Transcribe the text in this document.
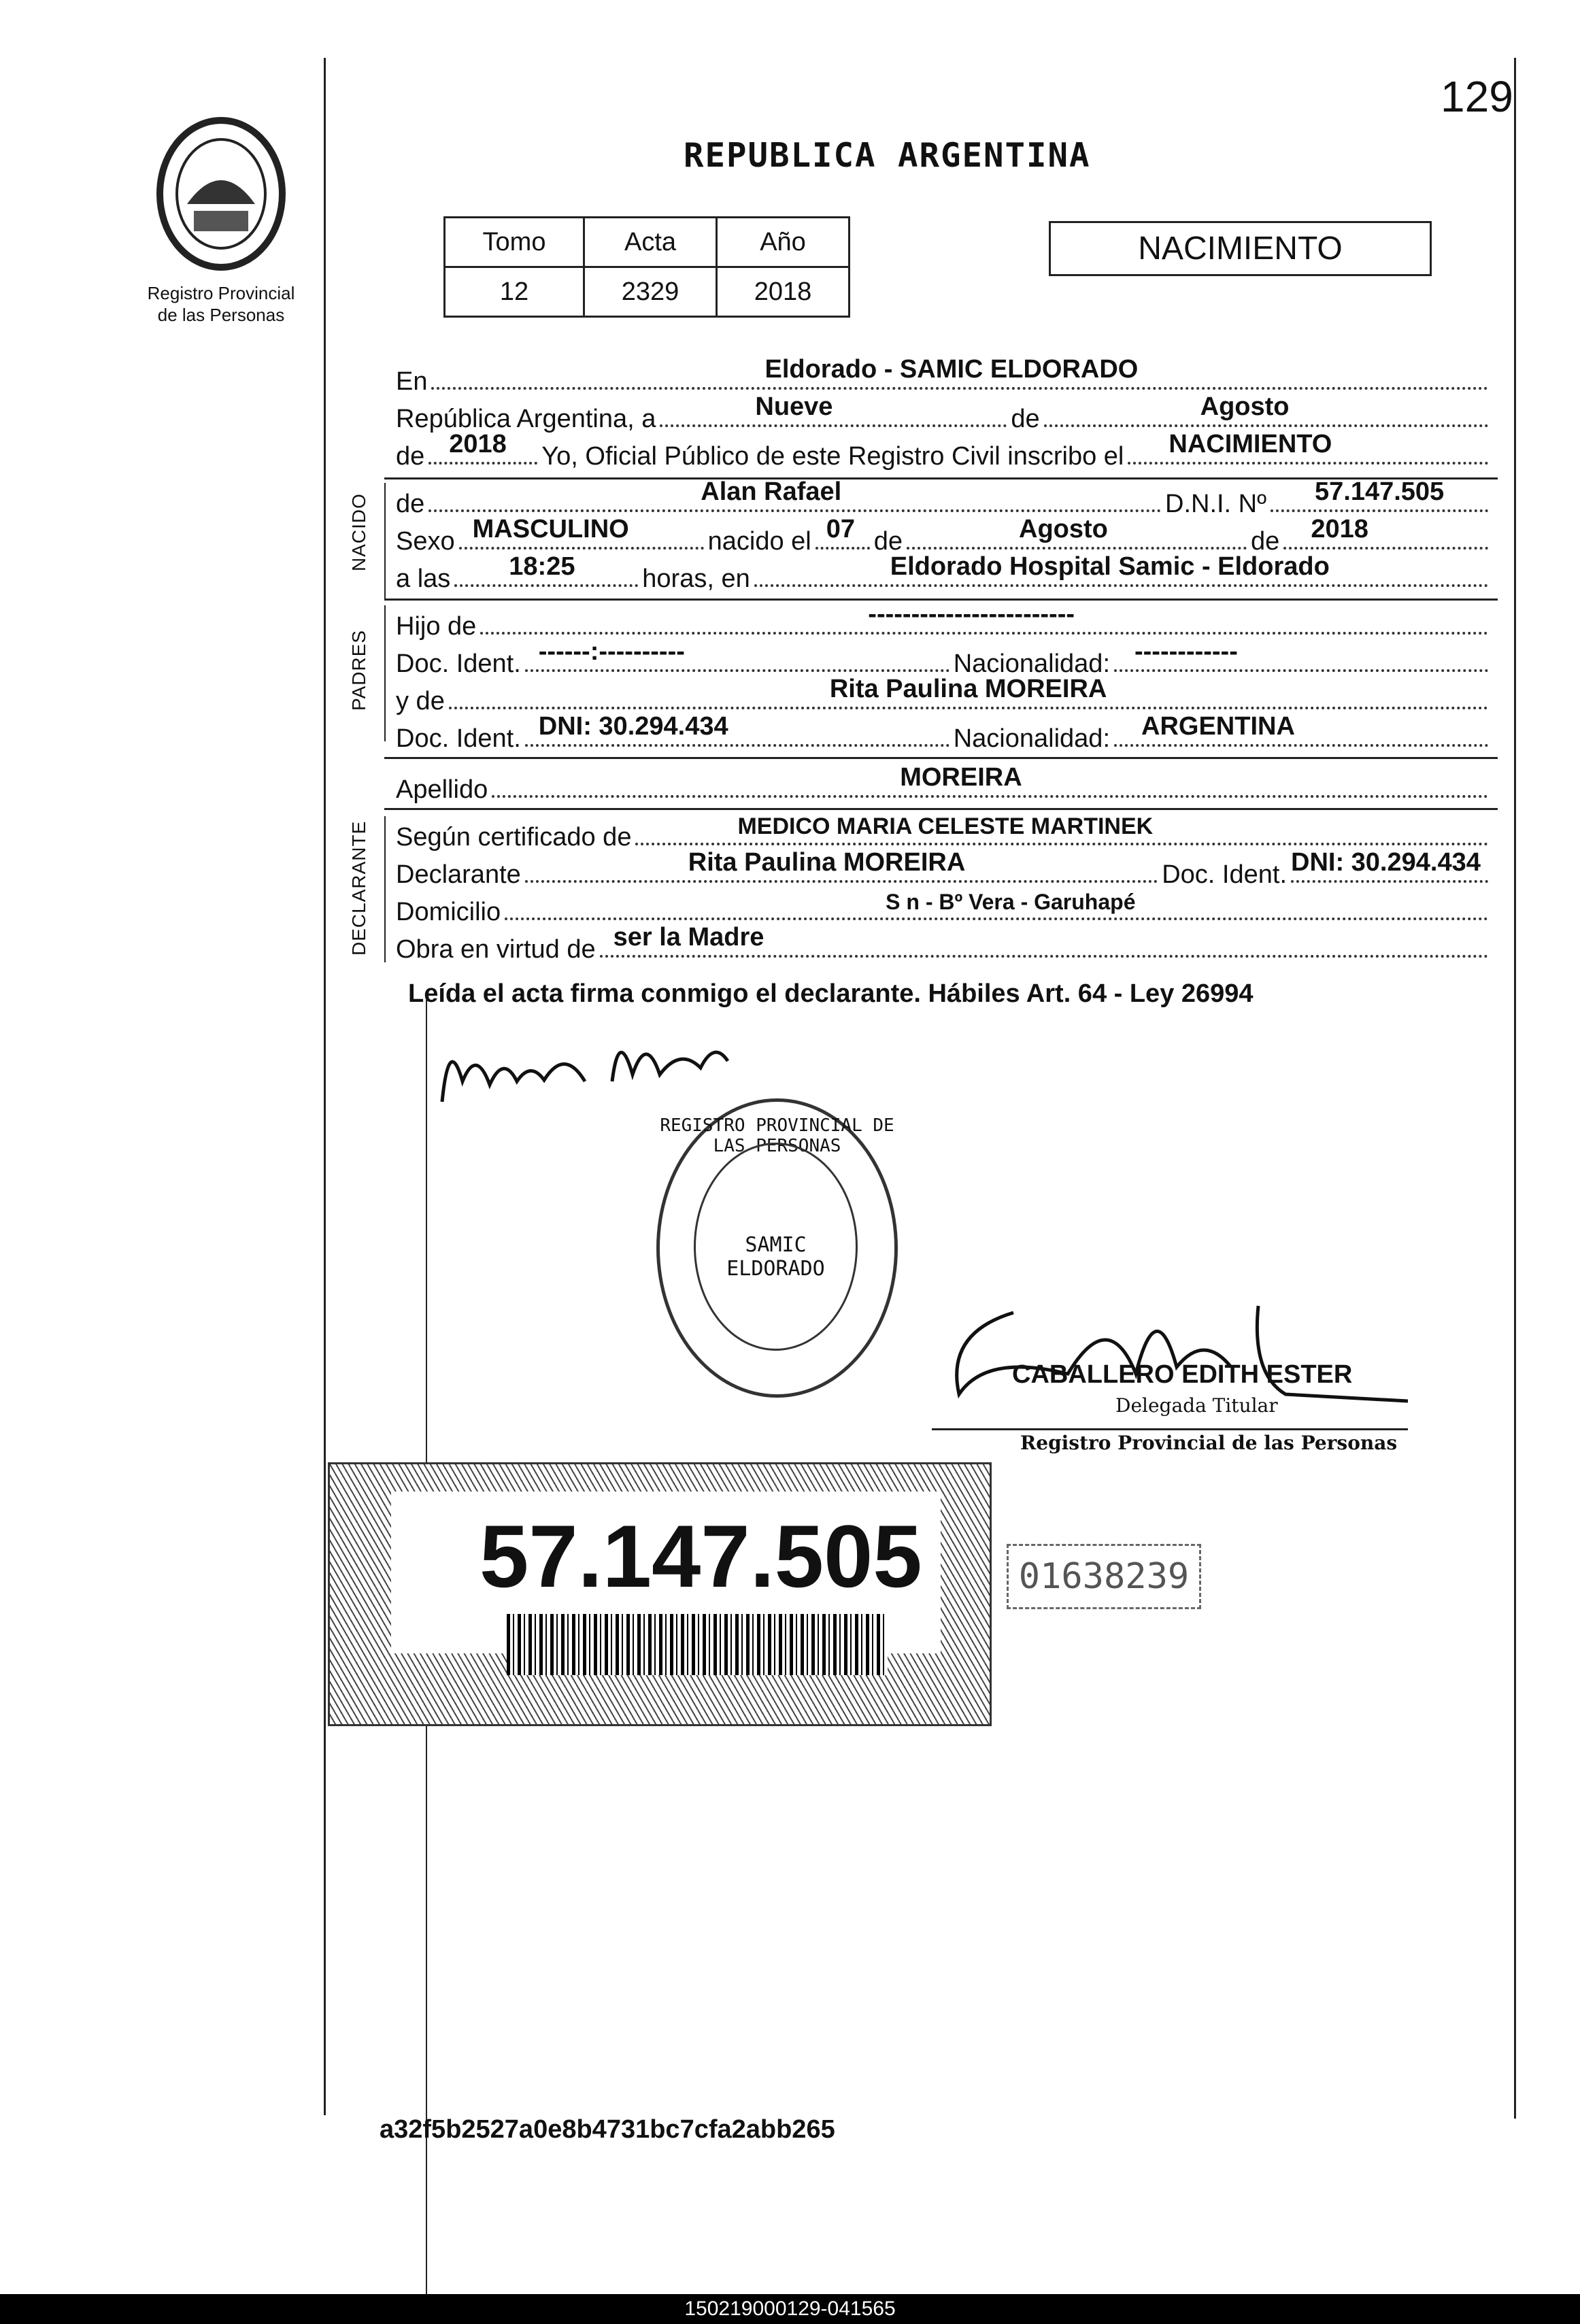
129
Registro Provincial
de las Personas
REPUBLICA ARGENTINA
Tomo	Acta	Año
12	2329	2018
NACIMIENTO
En	Eldorado - SAMIC ELDORADO
República Argentina, a	Nueve	de	Agosto
de 2018 Yo, Oficial Público de este Registro Civil inscribo el NACIMIENTO
NACIDO de	Alan Rafael	D.N.I. Nº 57.147.505
Sexo MASCULINO	nacido el 07 de	Agosto	de 2018
a las 18:25	horas, en	Eldorado Hospital Samic - Eldorado
PADRES
Hijo de	------------------------
Doc. Ident. ------:----------	Nacionalidad: ------------
y de	Rita Paulina MOREIRA
Doc. Ident. DNI: 30.294.434	Nacionalidad: ARGENTINA
Apellido	MOREIRA
DECLARANTE Según certificado de	MEDICO MARIA CELESTE MARTINEK
Declarante	Rita Paulina MOREIRA	Doc. Ident. DNI: 30.294.434
Domicilio	S n - Bº Vera - Garuhapé
Obra en virtud de ser la Madre
Leída el acta firma conmigo el declarante. Hábiles Art. 64 - Ley 26994
REGISTRO PROVINCIAL DE LAS PERSONAS
SAMIC ELDORADO
CABALLERO EDITH ESTER
Delegada Titular
Registro Provincial de las Personas
57.147.505	01638239
a32f5b2527a0e8b4731bc7cfa2abb265
150219000129-041565
